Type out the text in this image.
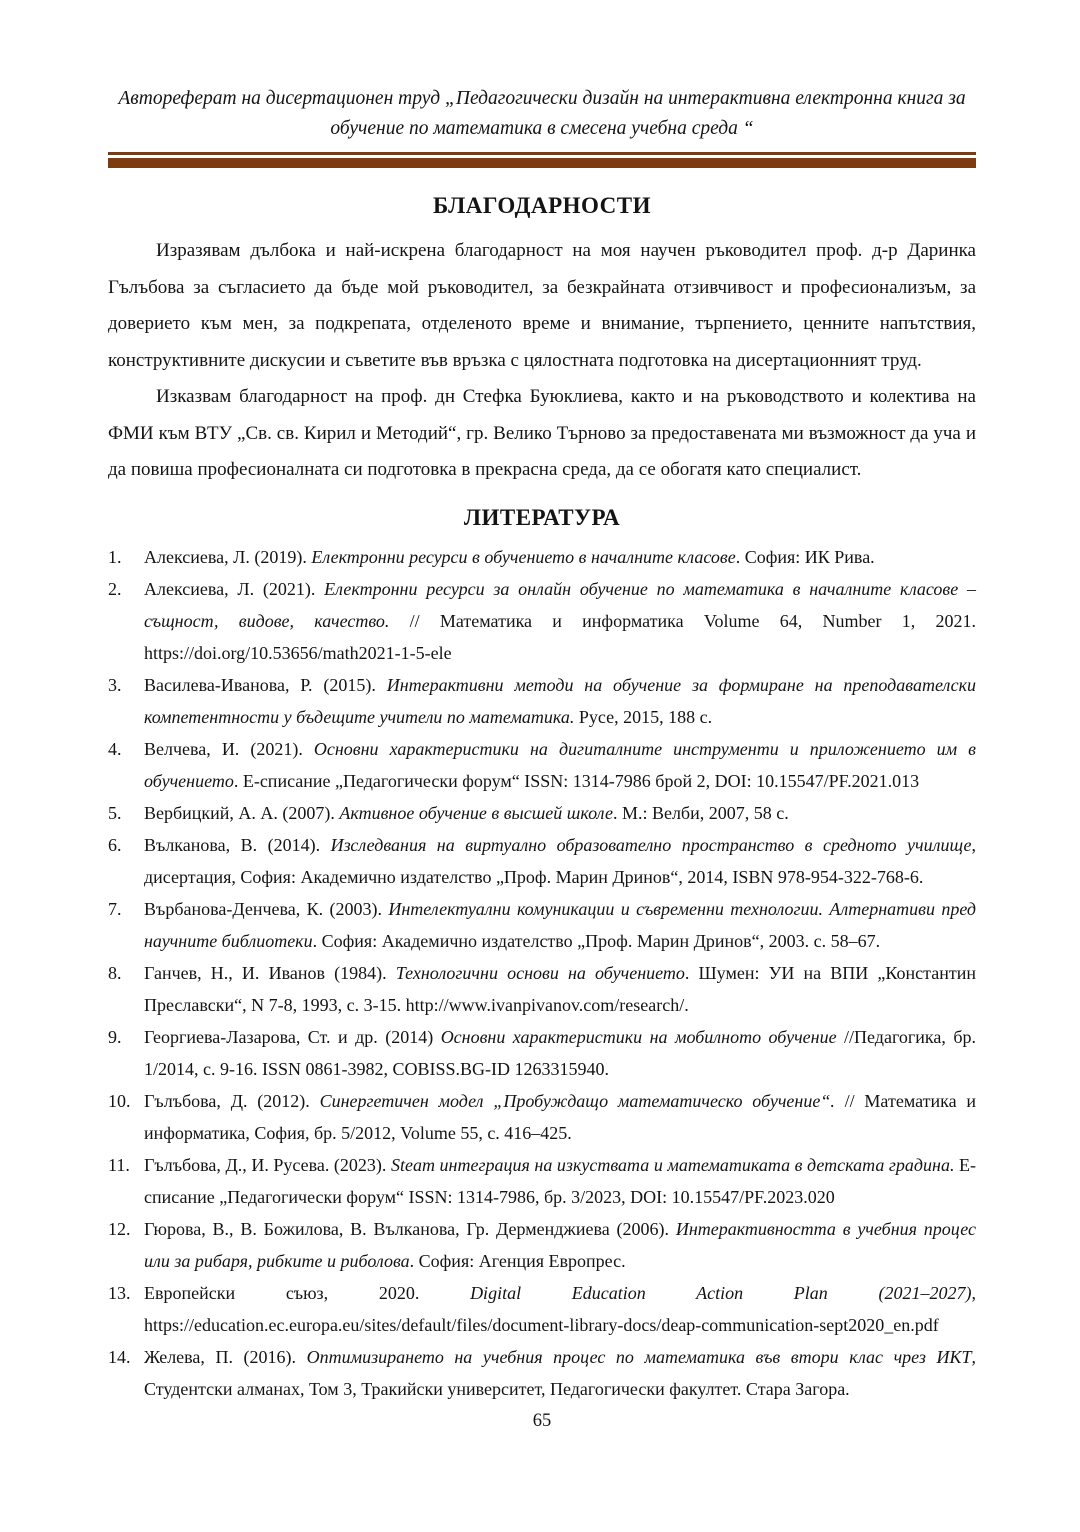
Автореферат на дисертационен труд „Педагогически дизайн на интерактивна електронна книга за обучение по математика в смесена учебна среда “

БЛАГОДАРНОСТИ

Изразявам дълбока и най-искрена благодарност на моя научен ръководител проф. д-р Даринка Гълъбова за съгласието да бъде мой ръководител, за безкрайната отзивчивост и професионализъм, за доверието към мен, за подкрепата, отделеното време и внимание, търпението, ценните напътствия, конструктивните дискусии и съветите във връзка с цялостната подготовка на дисертационният труд.

Изказвам благодарност на проф. дн Стефка Буюклиева, както и на ръководството и колектива на ФМИ към ВТУ „Св. св. Кирил и Методий“, гр. Велико Търново за предоставената ми възможност да уча и да повиша професионалната си подготовка в прекрасна среда, да се обогатя като специалист.

ЛИТЕРАТУРА
1. Алексиева, Л. (2019). Електронни ресурси в обучението в началните класове. София: ИК Рива.
2. Алексиева, Л. (2021). Електронни ресурси за онлайн обучение по математика в началните класове – същност, видове, качество. // Математика и информатика Volume 64, Number 1, 2021. https://doi.org/10.53656/math2021-1-5-ele
3. Василева-Иванова, Р. (2015). Интерактивни методи на обучение за формиране на преподавателски компетентности у бъдещите учители по математика. Русе, 2015, 188 с.
4. Велчева, И. (2021). Основни характеристики на дигиталните инструменти и приложението им в обучението. Е-списание „Педагогически форум“ ISSN: 1314-7986 брой 2, DOI: 10.15547/PF.2021.013
5. Вербицкий, А. А. (2007). Активное обучение в высшей школе. М.: Велби, 2007, 58 с.
6. Вълканова, В. (2014). Изследвания на виртуално образователно пространство в средното училище, дисертация, София: Академично издателство „Проф. Марин Дринов“, 2014, ISBN 978-954-322-768-6.
7. Върбанова-Денчева, К. (2003). Интелектуални комуникации и съвременни технологии. Алтернативи пред научните библиотеки. София: Академично издателство „Проф. Марин Дринов“, 2003. с. 58–67.
8. Ганчев, Н., И. Иванов (1984). Технологични основи на обучението. Шумен: УИ на ВПИ „Константин Преславски“, N 7-8, 1993, с. 3-15. http://www.ivanpivanov.com/research/.
9. Георгиева-Лазарова, Ст. и др. (2014) Основни характеристики на мобилното обучение //Педагогика, бр. 1/2014, с. 9-16. ISSN 0861-3982, COBISS.BG-ID 1263315940.
10. Гълъбова, Д. (2012). Синергетичен модел „Пробуждащо математическо обучение“. // Математика и информатика, София, бр. 5/2012, Volume 55, с. 416–425.
11. Гълъбова, Д., И. Русева. (2023). Steam интеграция на изкуствата и математиката в детската градина. Е-списание „Педагогически форум“ ISSN: 1314-7986, бр. 3/2023, DOI: 10.15547/PF.2023.020
12. Гюрова, В., В. Божилова, В. Вълканова, Гр. Дерменджиева (2006). Интерактивността в учебния процес или за рибаря, рибките и риболова. София: Агенция Европрес.
13. Европейски съюз, 2020. Digital Education Action Plan (2021–2027), https://education.ec.europa.eu/sites/default/files/document-library-docs/deap-communication-sept2020_en.pdf
14. Желева, П. (2016). Оптимизирането на учебния процес по математика във втори клас чрез ИКТ, Студентски алманах, Том 3, Тракийски университет, Педагогически факултет. Стара Загора.
65
